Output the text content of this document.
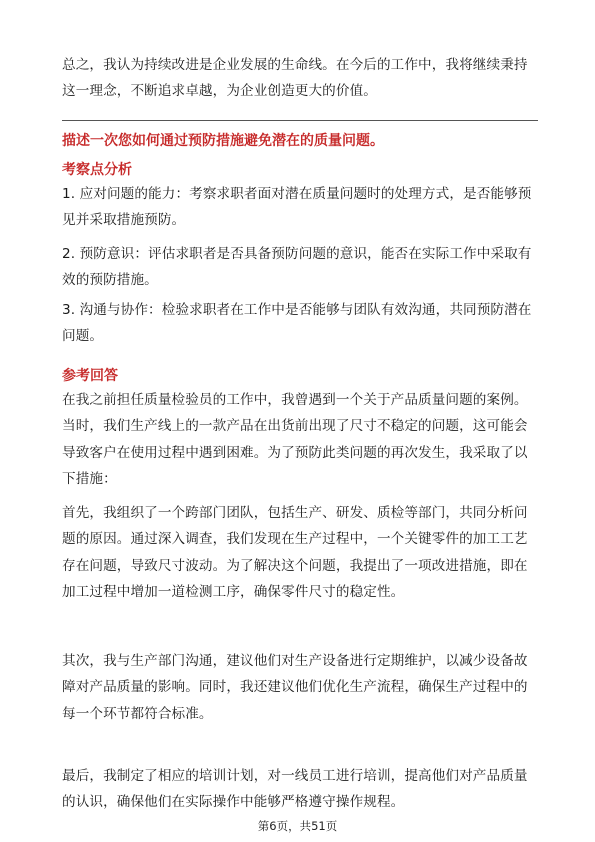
总之，我认为持续改进是企业发展的生命线。在今后的工作中，我将继续秉持这一理念，不断追求卓越，为企业创造更大的价值。

描述一次您如何通过预防措施避免潜在的质量问题。

考察点分析

1. 应对问题的能力：考察求职者面对潜在质量问题时的处理方式，是否能够预见并采取措施预防。

2. 预防意识：评估求职者是否具备预防问题的意识，能否在实际工作中采取有效的预防措施。

3. 沟通与协作：检验求职者在工作中是否能够与团队有效沟通，共同预防潜在问题。

参考回答

在我之前担任质量检验员的工作中，我曾遇到一个关于产品质量问题的案例。当时，我们生产线上的一款产品在出货前出现了尺寸不稳定的问题，这可能会导致客户在使用过程中遇到困难。为了预防此类问题的再次发生，我采取了以下措施：

首先，我组织了一个跨部门团队，包括生产、研发、质检等部门，共同分析问题的原因。通过深入调查，我们发现在生产过程中，一个关键零件的加工工艺存在问题，导致尺寸波动。为了解决这个问题，我提出了一项改进措施，即在加工过程中增加一道检测工序，确保零件尺寸的稳定性。

其次，我与生产部门沟通，建议他们对生产设备进行定期维护，以减少设备故障对产品质量的影响。同时，我还建议他们优化生产流程，确保生产过程中的每一个环节都符合标准。

最后，我制定了相应的培训计划，对一线员工进行培训，提高他们对产品质量的认识，确保他们在实际操作中能够严格遵守操作规程。

第6页，共51页
